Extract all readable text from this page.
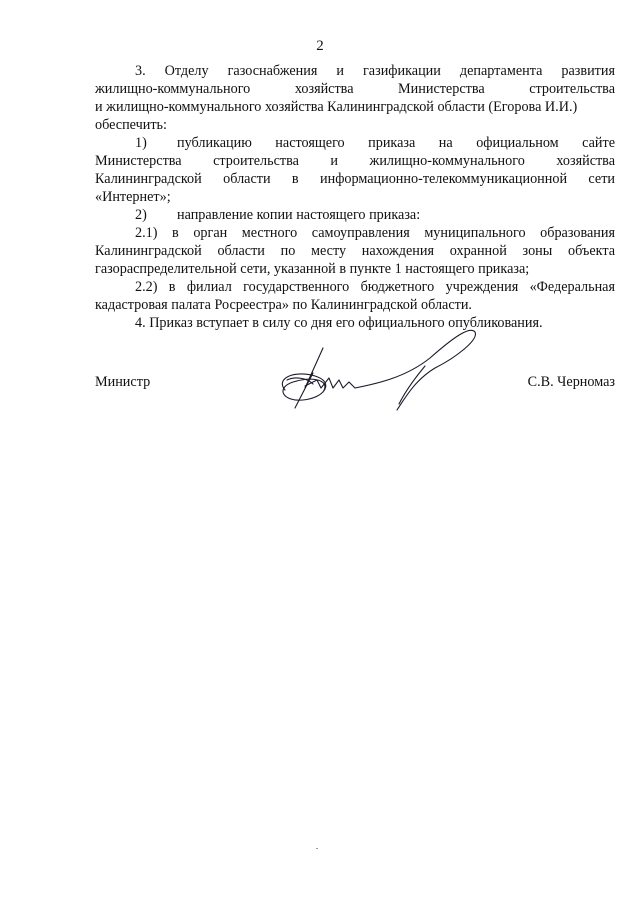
2
3. Отделу газоснабжения и газификации департамента развития
жилищно-коммунального хозяйства Министерства строительства
и жилищно-коммунального хозяйства Калининградской области (Егорова И.И.)
обеспечить:
1) публикацию настоящего приказа на официальном сайте
Министерства строительства и жилищно-коммунального хозяйства
Калининградской области в информационно-телекоммуникационной сети
«Интернет»;
2) направление копии настоящего приказа:
2.1) в орган местного самоуправления муниципального образования
Калининградской области по месту нахождения охранной зоны объекта
газораспределительной сети, указанной в пункте 1 настоящего приказа;
2.2) в филиал государственного бюджетного учреждения «Федеральная
кадастровая палата Росреестра» по Калининградской области.
4. Приказ вступает в силу со дня его официального опубликования.
Министр	С.В. Черномаз
